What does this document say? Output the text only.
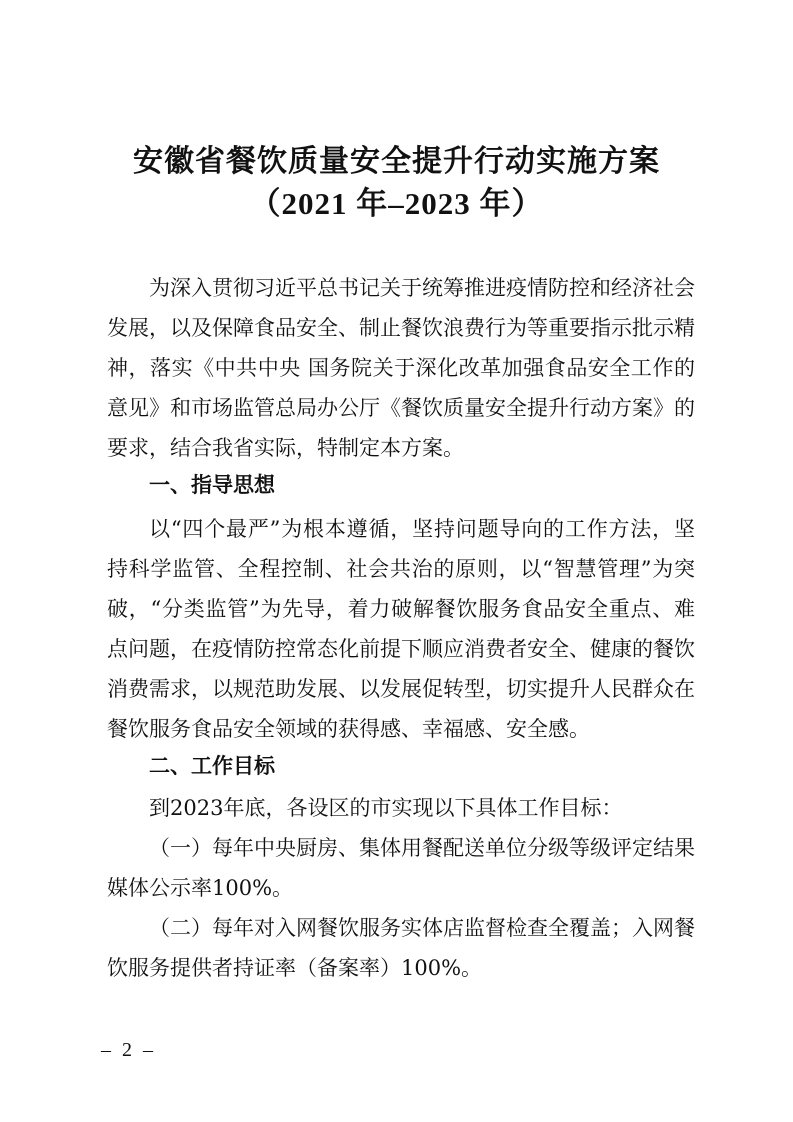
安徽省餐饮质量安全提升行动实施方案
（2021 年–2023 年）

为深入贯彻习近平总书记关于统筹推进疫情防控和经济社会发展，以及保障食品安全、制止餐饮浪费行为等重要指示批示精神，落实《中共中央 国务院关于深化改革加强食品安全工作的意见》和市场监管总局办公厅《餐饮质量安全提升行动方案》的要求，结合我省实际，特制定本方案。

一、指导思想

以“四个最严”为根本遵循，坚持问题导向的工作方法，坚持科学监管、全程控制、社会共治的原则，以“智慧管理”为突破，“分类监管”为先导，着力破解餐饮服务食品安全重点、难点问题，在疫情防控常态化前提下顺应消费者安全、健康的餐饮消费需求，以规范助发展、以发展促转型，切实提升人民群众在餐饮服务食品安全领域的获得感、幸福感、安全感。

二、工作目标

到2023年底，各设区的市实现以下具体工作目标：

（一）每年中央厨房、集体用餐配送单位分级等级评定结果媒体公示率100%。

（二）每年对入网餐饮服务实体店监督检查全覆盖；入网餐饮服务提供者持证率（备案率）100%。

– 2 –
